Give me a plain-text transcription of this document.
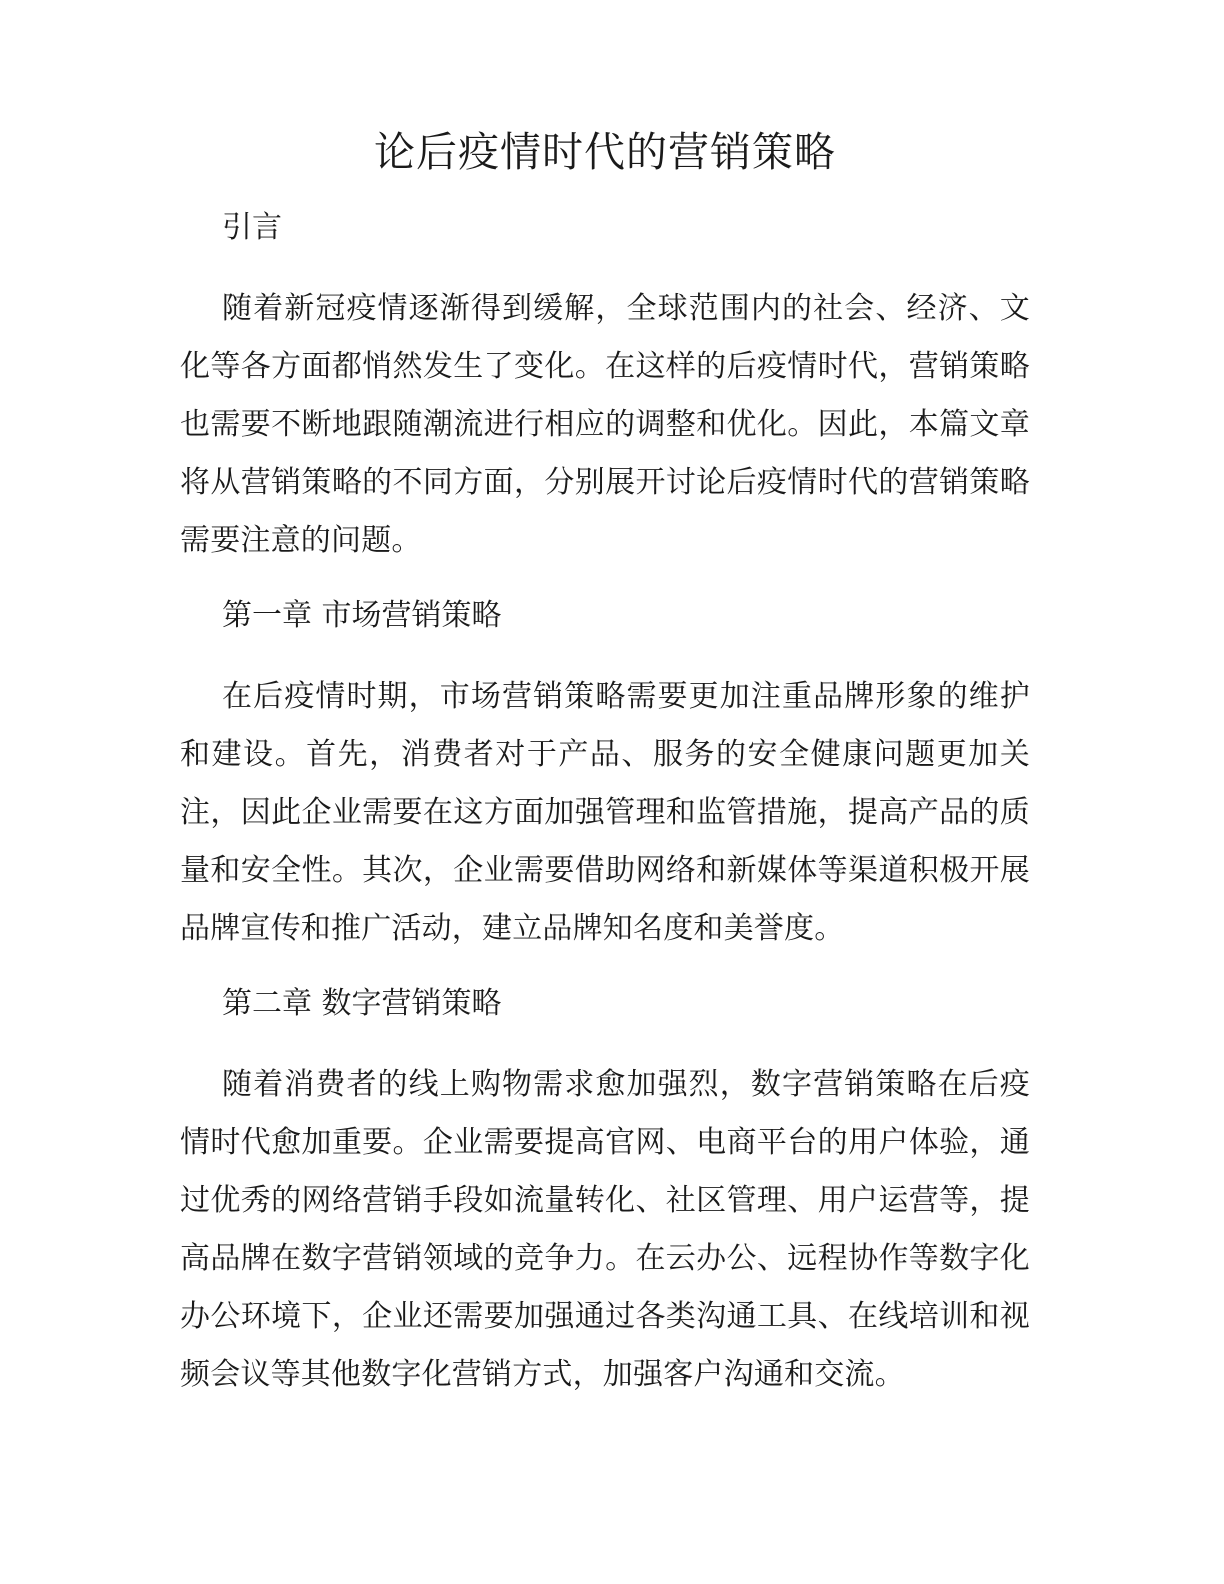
论后疫情时代的营销策略

引言

随着新冠疫情逐渐得到缓解，全球范围内的社会、经济、文化等各方面都悄然发生了变化。在这样的后疫情时代，营销策略也需要不断地跟随潮流进行相应的调整和优化。因此，本篇文章将从营销策略的不同方面，分别展开讨论后疫情时代的营销策略需要注意的问题。

第一章 市场营销策略

在后疫情时期，市场营销策略需要更加注重品牌形象的维护和建设。首先，消费者对于产品、服务的安全健康问题更加关注，因此企业需要在这方面加强管理和监管措施，提高产品的质量和安全性。其次，企业需要借助网络和新媒体等渠道积极开展品牌宣传和推广活动，建立品牌知名度和美誉度。

第二章 数字营销策略

随着消费者的线上购物需求愈加强烈，数字营销策略在后疫情时代愈加重要。企业需要提高官网、电商平台的用户体验，通过优秀的网络营销手段如流量转化、社区管理、用户运营等，提高品牌在数字营销领域的竞争力。在云办公、远程协作等数字化办公环境下，企业还需要加强通过各类沟通工具、在线培训和视频会议等其他数字化营销方式，加强客户沟通和交流。
